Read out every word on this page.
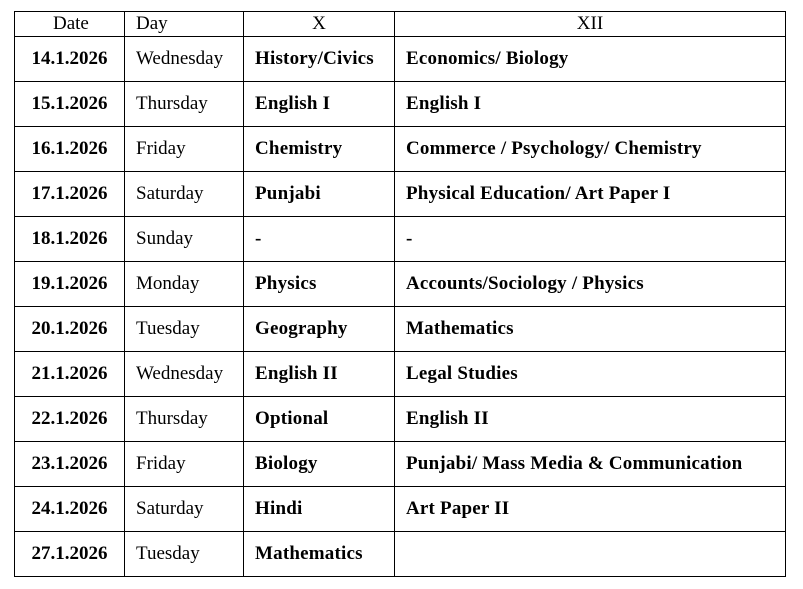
Date	Day	X	XII
14.1.2026	Wednesday	History/Civics	Economics/ Biology
15.1.2026	Thursday	English I	English I
16.1.2026	Friday	Chemistry	Commerce / Psychology/ Chemistry
17.1.2026	Saturday	Punjabi	Physical Education/ Art Paper I
18.1.2026	Sunday	-	-
19.1.2026	Monday	Physics	Accounts/Sociology / Physics
20.1.2026	Tuesday	Geography	Mathematics
21.1.2026	Wednesday	English II	Legal Studies
22.1.2026	Thursday	Optional	English II
23.1.2026	Friday	Biology	Punjabi/ Mass Media & Communication
24.1.2026	Saturday	Hindi	Art Paper II
27.1.2026	Tuesday	Mathematics	
